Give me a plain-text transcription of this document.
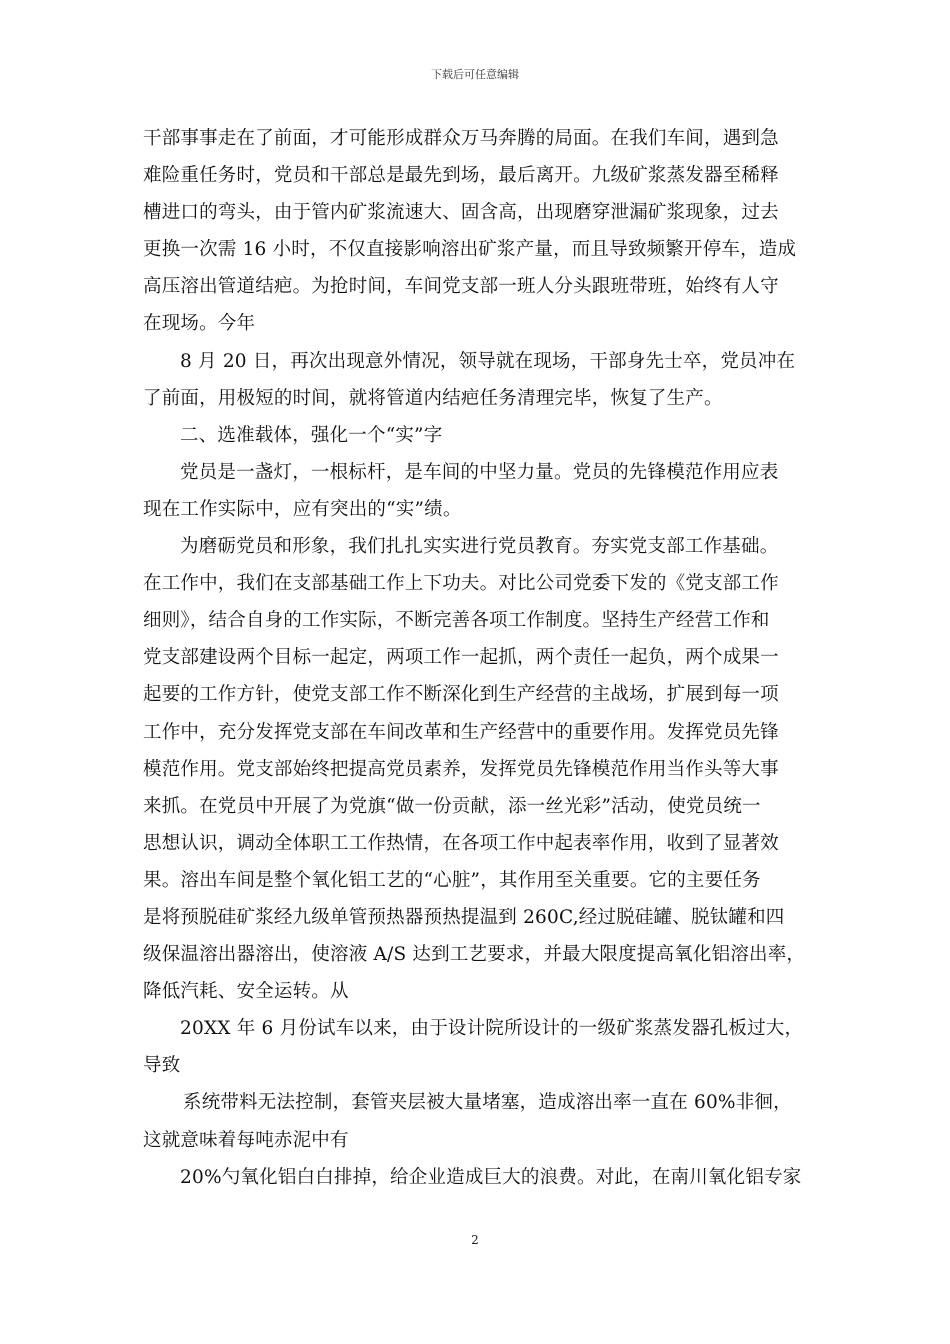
下载后可任意编辑
干部事事走在了前面，才可能形成群众万马奔腾的局面。在我们车间，遇到急
难险重任务时，党员和干部总是最先到场，最后离开。九级矿浆蒸发器至稀释
槽进口的弯头，由于管内矿浆流速大、固含高，出现磨穿泄漏矿浆现象，过去
更换一次需 16 小时，不仅直接影响溶出矿浆产量，而且导致频繁开停车，造成
高压溶出管道结疤。为抢时间，车间党支部一班人分头跟班带班，始终有人守
在现场。今年
8 月 20 日，再次出现意外情况，领导就在现场，干部身先士卒，党员冲在
了前面，用极短的时间，就将管道内结疤任务清理完毕，恢复了生产。
二、选准载体，强化一个“实”字
党员是一盏灯，一根标杆，是车间的中坚力量。党员的先锋模范作用应表
现在工作实际中，应有突出的“实”绩。
为磨砺党员和形象，我们扎扎实实进行党员教育。夯实党支部工作基础。
在工作中，我们在支部基础工作上下功夫。对比公司党委下发的《党支部工作
细则》，结合自身的工作实际，不断完善各项工作制度。坚持生产经营工作和
党支部建设两个目标一起定，两项工作一起抓，两个责任一起负，两个成果一
起要的工作方针，使党支部工作不断深化到生产经营的主战场，扩展到每一项
工作中，充分发挥党支部在车间改革和生产经营中的重要作用。发挥党员先锋
模范作用。党支部始终把提高党员素养，发挥党员先锋模范作用当作头等大事
来抓。在党员中开展了为党旗“做一份贡献，添一丝光彩”活动，使党员统一
思想认识，调动全体职工工作热情，在各项工作中起表率作用，收到了显著效
果。溶出车间是整个氧化铝工艺的“心脏”，其作用至关重要。它的主要任务
是将预脱硅矿浆经九级单管预热器预热提温到 260C,经过脱硅罐、脱钛罐和四
级保温溶出器溶出，使溶液 A/S 达到工艺要求，并最大限度提高氧化铝溶出率，
降低汽耗、安全运转。从
20XX 年 6 月份试车以来，由于设计院所设计的一级矿浆蒸发器孔板过大，
导致
系统带料无法控制，套管夹层被大量堵塞，造成溶出率一直在 60%非徊，
这就意味着每吨赤泥中有
20%勺氧化铝白白排掉，给企业造成巨大的浪费。对此，在南川氧化铝专家
2
